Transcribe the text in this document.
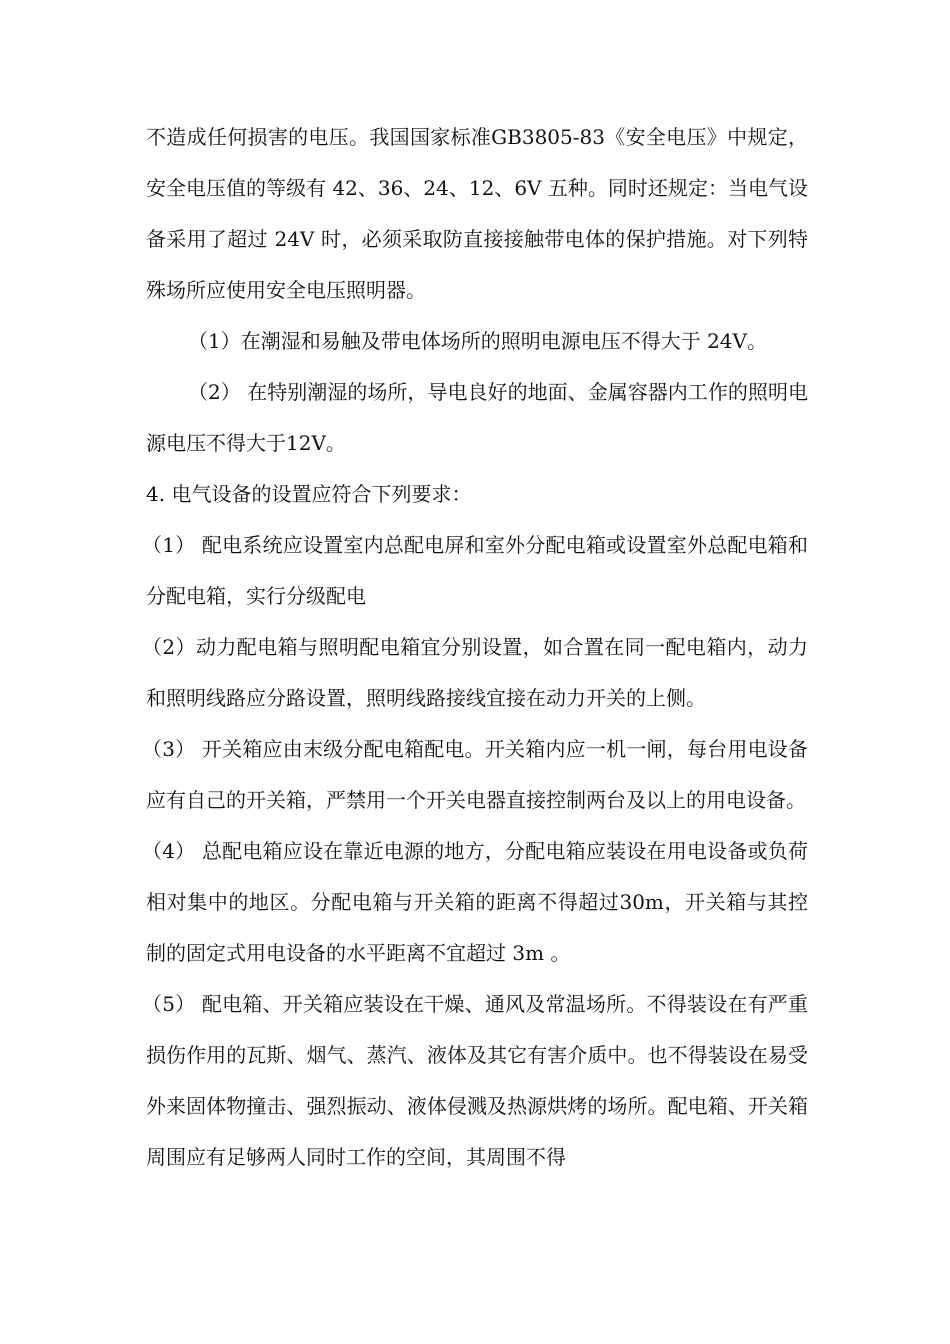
不造成任何损害的电压。我国国家标准GB3805-83《安全电压》中规定，安全电压值的等级有 42、36、24、12、6V 五种。同时还规定：当电气设备采用了超过 24V 时，必须采取防直接接触带电体的保护措施。对下列特殊场所应使用安全电压照明器。

（1）在潮湿和易触及带电体场所的照明电源电压不得大于 24V。

（2） 在特别潮湿的场所，导电良好的地面、金属容器内工作的照明电源电压不得大于12V。

4. 电气设备的设置应符合下列要求：

（1） 配电系统应设置室内总配电屏和室外分配电箱或设置室外总配电箱和分配电箱，实行分级配电

（2）动力配电箱与照明配电箱宜分别设置，如合置在同一配电箱内，动力和照明线路应分路设置，照明线路接线宜接在动力开关的上侧。

（3） 开关箱应由末级分配电箱配电。开关箱内应一机一闸，每台用电设备应有自己的开关箱，严禁用一个开关电器直接控制两台及以上的用电设备。

（4） 总配电箱应设在靠近电源的地方，分配电箱应装设在用电设备或负荷相对集中的地区。分配电箱与开关箱的距离不得超过30m，开关箱与其控制的固定式用电设备的水平距离不宜超过 3m 。

（5） 配电箱、开关箱应装设在干燥、通风及常温场所。不得装设在有严重损伤作用的瓦斯、烟气、蒸汽、液体及其它有害介质中。也不得装设在易受外来固体物撞击、强烈振动、液体侵溅及热源烘烤的场所。配电箱、开关箱周围应有足够两人同时工作的空间，其周围不得
